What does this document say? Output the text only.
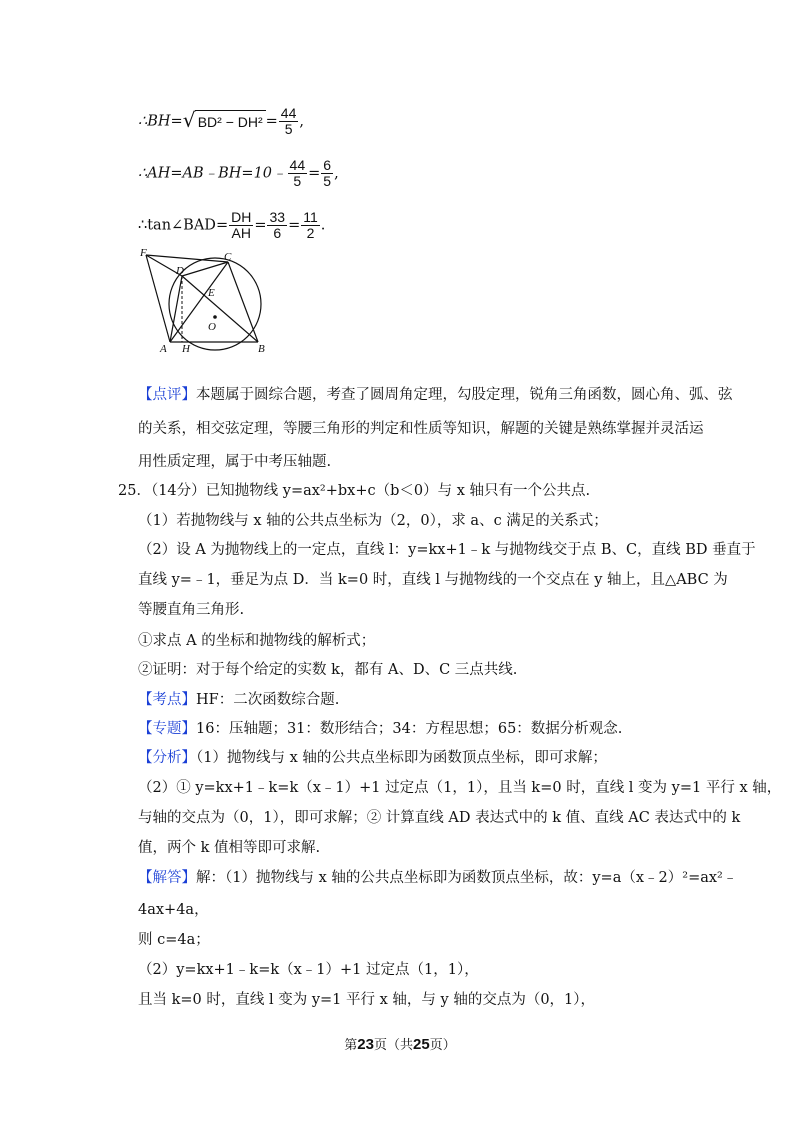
∴BH= √ $BD^2 - DH^2 = \frac{44}{5}$ ,
∴AH=AB﹣BH=10﹣ $\frac{44}{5} = \frac{6}{5}$ ,
∴tan∠BAD= $\frac{DH}{AH} = \frac{33}{6} = \frac{11}{2}$ .
F
D
C
E
O
A H	B
【点评】本题属于圆综合题，考查了圆周角定理，勾股定理，锐角三角函数，圆心角、弧、弦
的关系，相交弦定理，等腰三角形的判定和性质等知识，解题的关键是熟练掌握并灵活运
用性质定理，属于中考压轴题.
25．（14分）已知抛物线 y=ax²+bx+c（b＜0）与 x 轴只有一个公共点.
（1）若抛物线与 x 轴的公共点坐标为（2，0），求 a、c 满足的关系式；
（2）设 A 为抛物线上的一定点，直线 l：y=kx+1﹣k 与抛物线交于点 B、C，直线 BD 垂直于
直线 y=﹣1，垂足为点 D．当 k=0 时，直线 l 与抛物线的一个交点在 y 轴上，且△ABC 为
等腰直角三角形.
①求点 A 的坐标和抛物线的解析式；
②证明：对于每个给定的实数 k，都有 A、D、C 三点共线.
【考点】HF：二次函数综合题.
【专题】16：压轴题；31：数形结合；34：方程思想；65：数据分析观念.
【分析】（1）抛物线与 x 轴的公共点坐标即为函数顶点坐标，即可求解；
（2）① y=kx+1﹣k=k（x﹣1）+1 过定点（1，1），且当 k=0 时，直线 l 变为 y=1 平行 x 轴，
与轴的交点为（0，1），即可求解；② 计算直线 AD 表达式中的 k 值、直线 AC 表达式中的 k
值，两个 k 值相等即可求解.
【解答】解：（1）抛物线与 x 轴的公共点坐标即为函数顶点坐标，故：y=a（x﹣2）²=ax²﹣
4ax+4a，
则 c=4a；
（2）y=kx+1﹣k=k（x﹣1）+1 过定点（1，1），
且当 k=0 时，直线 l 变为 y=1 平行 x 轴，与 y 轴的交点为（0，1），
第23页（共25页）
